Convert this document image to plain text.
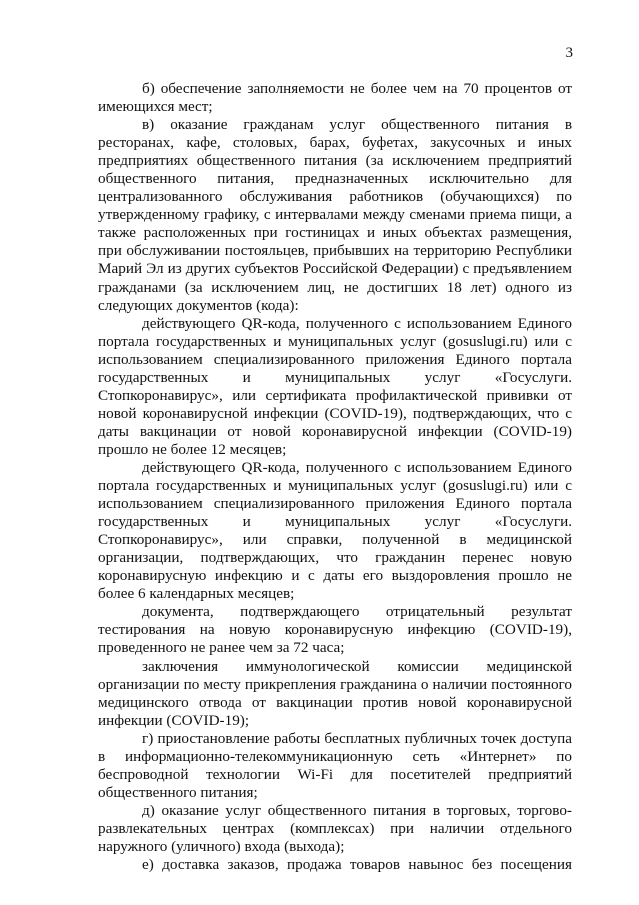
3

б) обеспечение заполняемости не более чем на 70 процентов от имеющихся мест;

в) оказание гражданам услуг общественного питания в ресторанах, кафе, столовых, барах, буфетах, закусочных и иных предприятиях общественного питания (за исключением предприятий общественного питания, предназначенных исключительно для централизованного обслуживания работников (обучающихся) по утвержденному графику, с интервалами между сменами приема пищи, а также расположенных при гостиницах и иных объектах размещения, при обслуживании постояльцев, прибывших на территорию Республики Марий Эл из других субъектов Российской Федерации) с предъявлением гражданами (за исключением лиц, не достигших 18 лет) одного из следующих документов (кода):

действующего QR-кода, полученного с использованием Единого портала государственных и муниципальных услуг (gosuslugi.ru) или с использованием специализированного приложения Единого портала государственных и муниципальных услуг «Госуслуги. Стопкоронавирус», или сертификата профилактической прививки от новой коронавирусной инфекции (COVID-19), подтверждающих, что с даты вакцинации от новой коронавирусной инфекции (COVID-19) прошло не более 12 месяцев;

действующего QR-кода, полученного с использованием Единого портала государственных и муниципальных услуг (gosuslugi.ru) или с использованием специализированного приложения Единого портала государственных и муниципальных услуг «Госуслуги. Стопкоронавирус», или справки, полученной в медицинской организации, подтверждающих, что гражданин перенес новую коронавирусную инфекцию и с даты его выздоровления прошло не более 6 календарных месяцев;

документа, подтверждающего отрицательный результат тестирования на новую коронавирусную инфекцию (COVID-19), проведенного не ранее чем за 72 часа;

заключения иммунологической комиссии медицинской организации по месту прикрепления гражданина о наличии постоянного медицинского отвода от вакцинации против новой коронавирусной инфекции (COVID-19);

г) приостановление работы бесплатных публичных точек доступа в информационно-телекоммуникационную сеть «Интернет» по беспроводной технологии Wi-Fi для посетителей предприятий общественного питания;

д) оказание услуг общественного питания в торговых, торгово-развлекательных центрах (комплексах) при наличии отдельного наружного (уличного) входа (выхода);

е) доставка заказов, продажа товаров навынос без посещения
